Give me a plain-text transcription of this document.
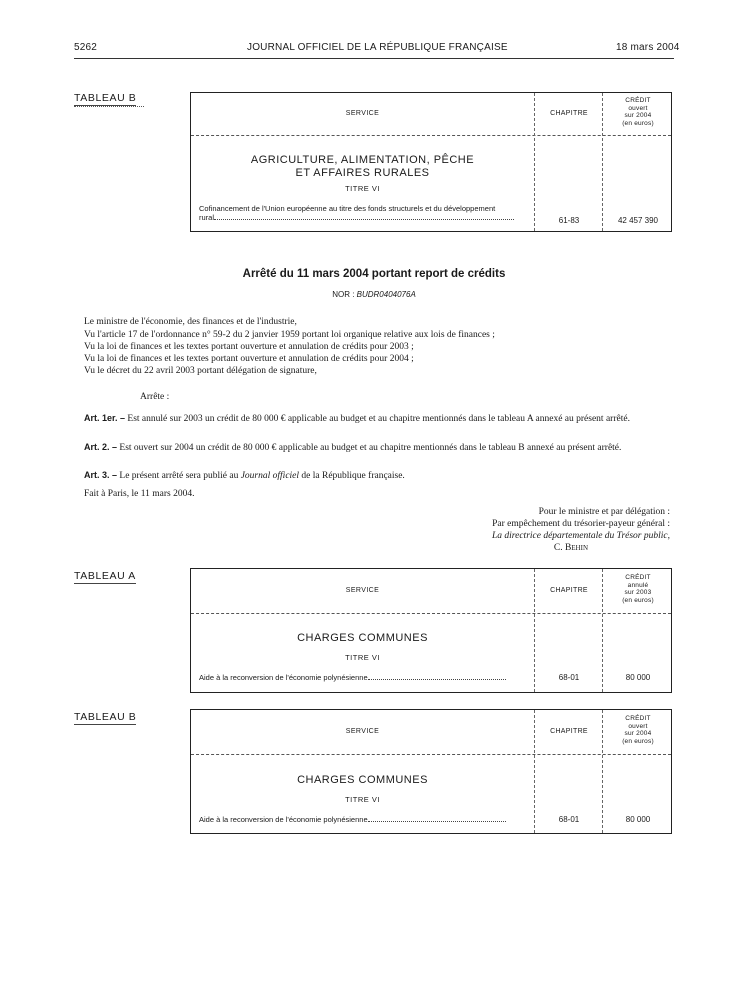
5262	JOURNAL OFFICIEL DE LA RÉPUBLIQUE FRANÇAISE	18 mars 2004
TABLEAU B
SERVICE	CHAPITRE
CRÉDIT
ouvert
sur 2004
(en euros)
AGRICULTURE, ALIMENTATION, PÊCHE
ET AFFAIRES RURALES
TITRE VI
Cofinancement de l'Union européenne au titre des fonds structurels et du développement
rural	61-83	42 457 390
Arrêté du 11 mars 2004 portant report de crédits
NOR : BUDR0404076A
Le ministre de l'économie, des finances et de l'industrie,
Vu l'article 17 de l'ordonnance n° 59-2 du 2 janvier 1959 portant loi organique relative aux lois de finances ;
Vu la loi de finances et les textes portant ouverture et annulation de crédits pour 2003 ;
Vu la loi de finances et les textes portant ouverture et annulation de crédits pour 2004 ;
Vu le décret du 22 avril 2003 portant délégation de signature,
Arrête :
Art. 1er. – Est annulé sur 2003 un crédit de 80 000 € applicable au budget et au chapitre mentionnés dans le tableau A annexé au présent arrêté.
Art. 2. – Est ouvert sur 2004 un crédit de 80 000 € applicable au budget et au chapitre mentionnés dans le tableau B annexé au présent arrêté.
Art. 3. – Le présent arrêté sera publié au Journal officiel de la République française.
Fait à Paris, le 11 mars 2004.
Pour le ministre et par délégation :
Par empêchement du trésorier-payeur général :
La directrice départementale du Trésor public,
C. Behin
TABLEAU A
SERVICE	CHAPITRE
CRÉDIT
annulé
sur 2003
(en euros)
CHARGES COMMUNES
TITRE VI
Aide à la reconversion de l'économie polynésienne	68-01	80 000
TABLEAU B
SERVICE	CHAPITRE
CRÉDIT
ouvert
sur 2004
(en euros)
CHARGES COMMUNES
TITRE VI
Aide à la reconversion de l'économie polynésienne	68-01	80 000
